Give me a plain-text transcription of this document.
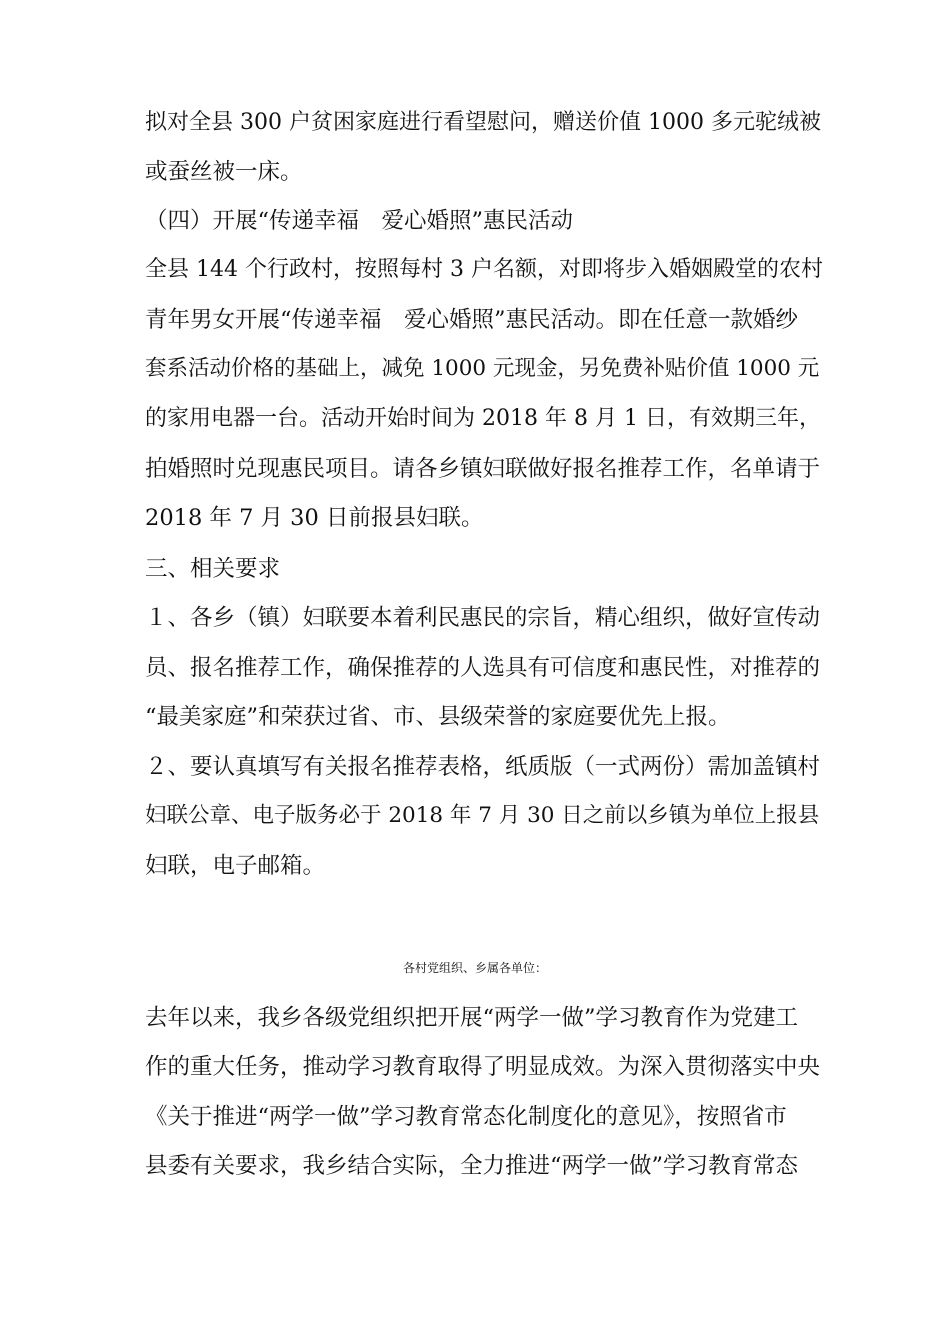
拟对全县 300 户贫困家庭进行看望慰问，赠送价值 1000 多元驼绒被
或蚕丝被一床。
（四）开展“传递幸福　爱心婚照”惠民活动
全县 144 个行政村，按照每村 3 户名额，对即将步入婚姻殿堂的农村
青年男女开展“传递幸福　爱心婚照”惠民活动。即在任意一款婚纱
套系活动价格的基础上，减免 1000 元现金，另免费补贴价值 1000 元
的家用电器一台。活动开始时间为 2018 年 8 月 1 日，有效期三年，
拍婚照时兑现惠民项目。请各乡镇妇联做好报名推荐工作，名单请于
2018 年 7 月 30 日前报县妇联。
三、相关要求
１、各乡（镇）妇联要本着利民惠民的宗旨，精心组织，做好宣传动
员、报名推荐工作，确保推荐的人选具有可信度和惠民性，对推荐的
“最美家庭”和荣获过省、市、县级荣誉的家庭要优先上报。
２、要认真填写有关报名推荐表格，纸质版（一式两份）需加盖镇村
妇联公章、电子版务必于 2018 年 7 月 30 日之前以乡镇为单位上报县
妇联，电子邮箱。
各村党组织、乡属各单位：
去年以来，我乡各级党组织把开展“两学一做”学习教育作为党建工
作的重大任务，推动学习教育取得了明显成效。为深入贯彻落实中央
《关于推进“两学一做”学习教育常态化制度化的意见》，按照省市
县委有关要求，我乡结合实际，全力推进“两学一做”学习教育常态
